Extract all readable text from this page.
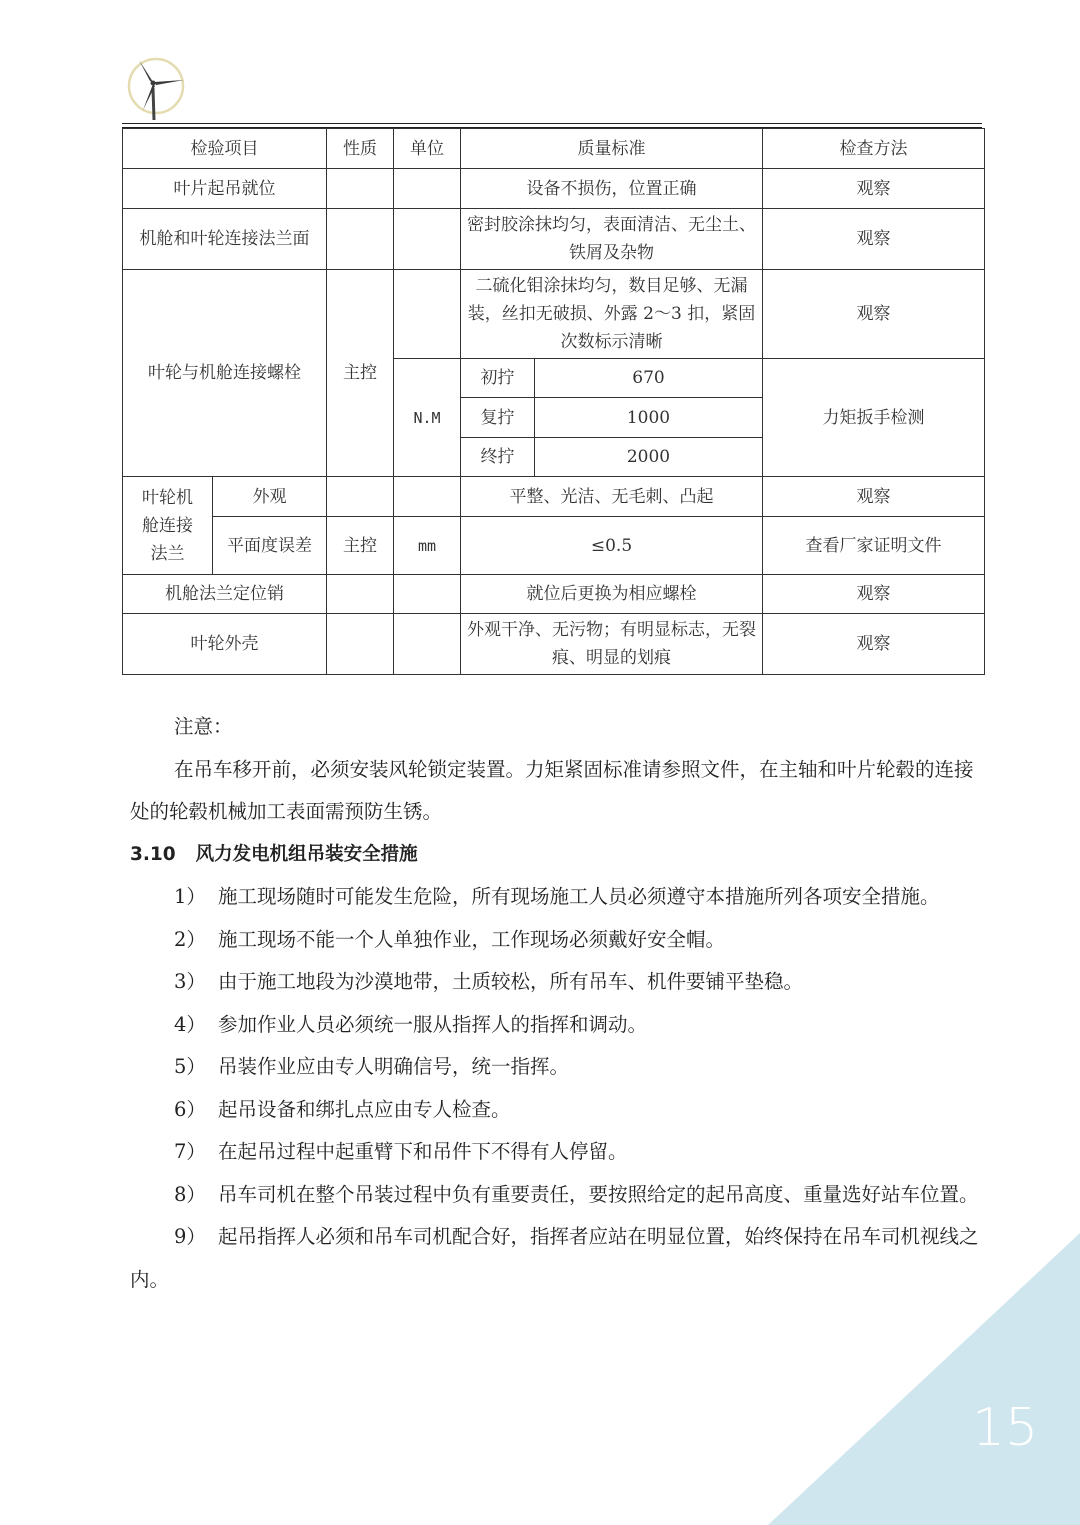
检验项目		性质	单位	质量标准		检查方法
叶片起吊就位				设备不损伤，位置正确		观察
机舱和叶轮连接法兰面				密封胶涂抹均匀，表面清洁、无尘土、铁屑及杂物		观察
叶轮与机舱连接螺栓		主控		二硫化钼涂抹均匀，数目足够、无漏装，丝扣无破损、外露 2～3 扣，紧固次数标示清晰		观察
			N.M	初拧	670	力矩扳手检测
				复拧	1000	
				终拧	2000	
叶轮机舱连接法兰	外观			平整、光洁、无毛刺、凸起		观察
	平面度误差	主控	mm	≤0.5		查看厂家证明文件
机舱法兰定位销				就位后更换为相应螺栓		观察
叶轮外壳				外观干净、无污物；有明显标志，无裂痕、明显的划痕		观察

注意：

在吊车移开前，必须安装风轮锁定装置。力矩紧固标准请参照文件，在主轴和叶片轮毂的连接处的轮毂机械加工表面需预防生锈。

3.10 风力发电机组吊装安全措施

1） 施工现场随时可能发生危险，所有现场施工人员必须遵守本措施所列各项安全措施。

2） 施工现场不能一个人单独作业，工作现场必须戴好安全帽。

3） 由于施工地段为沙漠地带，土质较松，所有吊车、机件要铺平垫稳。

4） 参加作业人员必须统一服从指挥人的指挥和调动。

5） 吊装作业应由专人明确信号，统一指挥。

6） 起吊设备和绑扎点应由专人检查。

7） 在起吊过程中起重臂下和吊件下不得有人停留。

8） 吊车司机在整个吊装过程中负有重要责任，要按照给定的起吊高度、重量选好站车位置。

9） 起吊指挥人必须和吊车司机配合好，指挥者应站在明显位置，始终保持在吊车司机视线之内。

15
